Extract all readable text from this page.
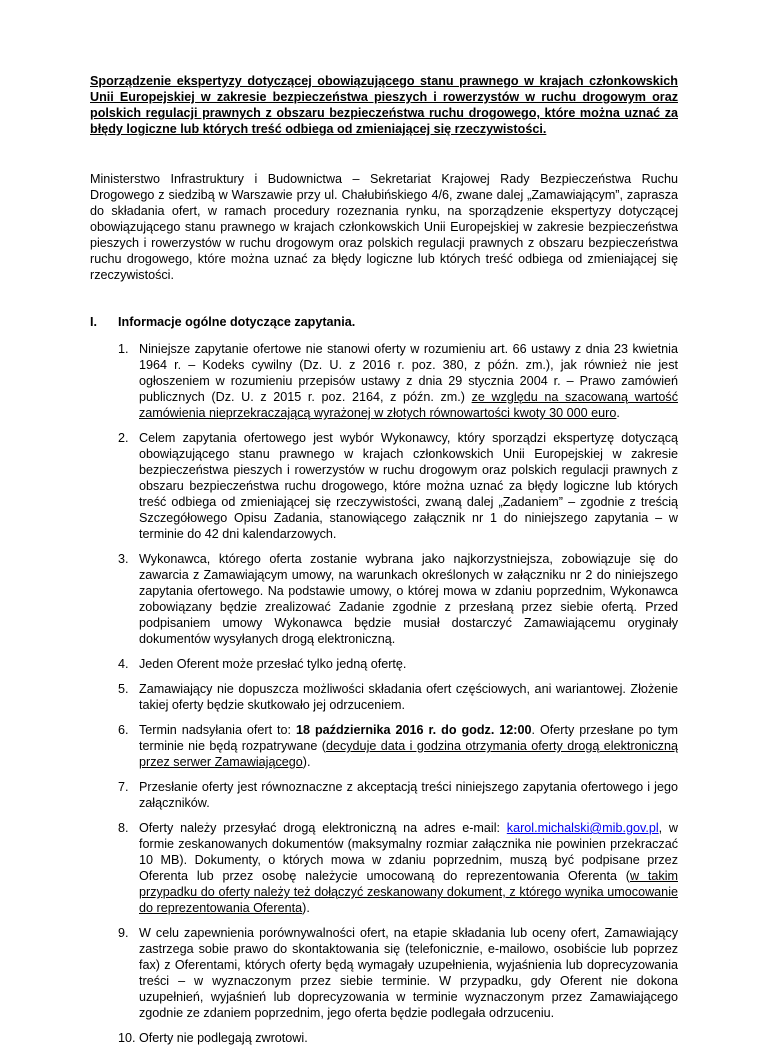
Sporządzenie ekspertyzy dotyczącej obowiązującego stanu prawnego w krajach członkowskich Unii Europejskiej w zakresie bezpieczeństwa pieszych i rowerzystów w ruchu drogowym oraz polskich regulacji prawnych z obszaru bezpieczeństwa ruchu drogowego, które można uznać za błędy logiczne lub których treść odbiega od zmieniającej się rzeczywistości.
Ministerstwo Infrastruktury i Budownictwa – Sekretariat Krajowej Rady Bezpieczeństwa Ruchu Drogowego z siedzibą w Warszawie przy ul. Chałubińskiego 4/6, zwane dalej „Zamawiającym”, zaprasza do składania ofert, w ramach procedury rozeznania rynku, na sporządzenie ekspertyzy dotyczącej obowiązującego stanu prawnego w krajach członkowskich Unii Europejskiej w zakresie bezpieczeństwa pieszych i rowerzystów w ruchu drogowym oraz polskich regulacji prawnych z obszaru bezpieczeństwa ruchu drogowego, które można uznać za błędy logiczne lub których treść odbiega od zmieniającej się rzeczywistości.
I. Informacje ogólne dotyczące zapytania.
1. Niniejsze zapytanie ofertowe nie stanowi oferty w rozumieniu art. 66 ustawy z dnia 23 kwietnia 1964 r. – Kodeks cywilny (Dz. U. z 2016 r. poz. 380, z późn. zm.), jak również nie jest ogłoszeniem w rozumieniu przepisów ustawy z dnia 29 stycznia 2004 r. – Prawo zamówień publicznych (Dz. U. z 2015 r. poz. 2164, z późn. zm.) ze względu na szacowaną wartość zamówienia nieprzekraczającą wyrażonej w złotych równowartości kwoty 30 000 euro.
2. Celem zapytania ofertowego jest wybór Wykonawcy, który sporządzi ekspertyzę dotyczącą obowiązującego stanu prawnego w krajach członkowskich Unii Europejskiej w zakresie bezpieczeństwa pieszych i rowerzystów w ruchu drogowym oraz polskich regulacji prawnych z obszaru bezpieczeństwa ruchu drogowego, które można uznać za błędy logiczne lub których treść odbiega od zmieniającej się rzeczywistości, zwaną dalej „Zadaniem” – zgodnie z treścią Szczegółowego Opisu Zadania, stanowiącego załącznik nr 1 do niniejszego zapytania – w terminie do 42 dni kalendarzowych.
3. Wykonawca, którego oferta zostanie wybrana jako najkorzystniejsza, zobowiązuje się do zawarcia z Zamawiającym umowy, na warunkach określonych w załączniku nr 2 do niniejszego zapytania ofertowego. Na podstawie umowy, o której mowa w zdaniu poprzednim, Wykonawca zobowiązany będzie zrealizować Zadanie zgodnie z przesłaną przez siebie ofertą. Przed podpisaniem umowy Wykonawca będzie musiał dostarczyć Zamawiającemu oryginały dokumentów wysyłanych drogą elektroniczną.
4. Jeden Oferent może przesłać tylko jedną ofertę.
5. Zamawiający nie dopuszcza możliwości składania ofert częściowych, ani wariantowej. Złożenie takiej oferty będzie skutkowało jej odrzuceniem.
6. Termin nadsyłania ofert to: 18 października 2016 r. do godz. 12:00. Oferty przesłane po tym terminie nie będą rozpatrywane (decyduje data i godzina otrzymania oferty drogą elektroniczną przez serwer Zamawiającego).
7. Przesłanie oferty jest równoznaczne z akceptacją treści niniejszego zapytania ofertowego i jego załączników.
8. Oferty należy przesyłać drogą elektroniczną na adres e-mail: karol.michalski@mib.gov.pl, w formie zeskanowanych dokumentów (maksymalny rozmiar załącznika nie powinien przekraczać 10 MB). Dokumenty, o których mowa w zdaniu poprzednim, muszą być podpisane przez Oferenta lub przez osobę należycie umocowaną do reprezentowania Oferenta (w takim przypadku do oferty należy też dołączyć zeskanowany dokument, z którego wynika umocowanie do reprezentowania Oferenta).
9. W celu zapewnienia porównywalności ofert, na etapie składania lub oceny ofert, Zamawiający zastrzega sobie prawo do skontaktowania się (telefonicznie, e-mailowo, osobiście lub poprzez fax) z Oferentami, których oferty będą wymagały uzupełnienia, wyjaśnienia lub doprecyzowania treści – w wyznaczonym przez siebie terminie. W przypadku, gdy Oferent nie dokona uzupełnień, wyjaśnień lub doprecyzowania w terminie wyznaczonym przez Zamawiającego zgodnie ze zdaniem poprzednim, jego oferta będzie podlegała odrzuceniu.
10. Oferty nie podlegają zwrotowi.
